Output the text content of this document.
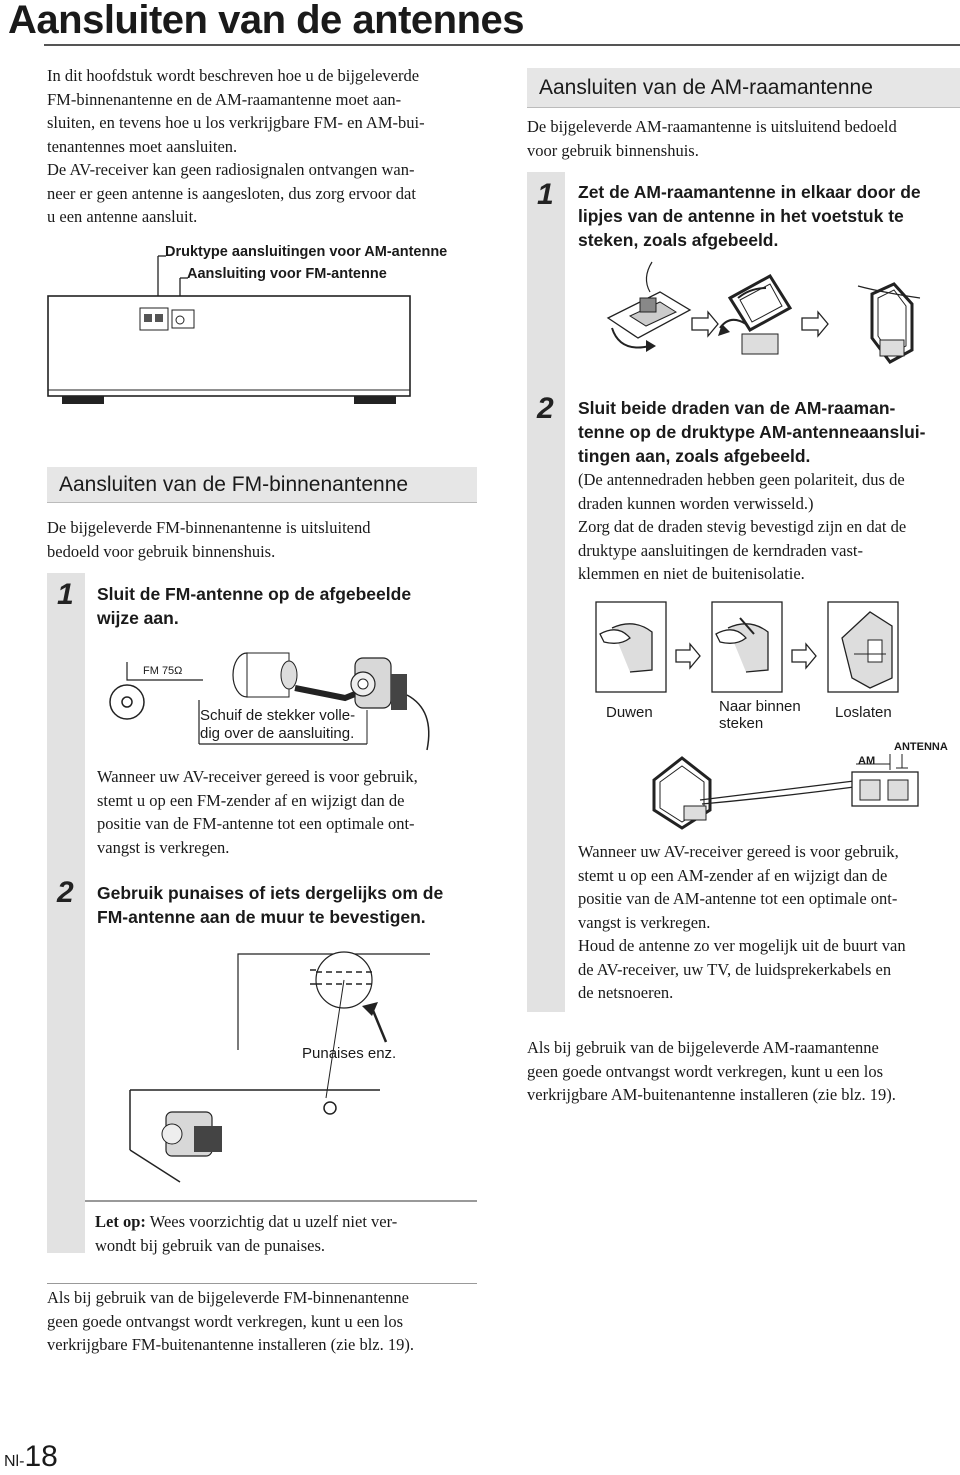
Aansluiten van de antennes
In dit hoofdstuk wordt beschreven hoe u de bijgeleverde
FM-binnenantenne en de AM-raamantenne moet aan-
sluiten, en tevens hoe u los verkrijgbare FM- en AM-bui-
tenantennes moet aansluiten.
De AV-receiver kan geen radiosignalen ontvangen wan-
neer er geen antenne is aangesloten, dus zorg ervoor dat
u een antenne aansluit.
Druktype aansluitingen voor AM-antenne
Aansluiting voor FM-antenne
Aansluiten van de FM-binnenantenne
De bijgeleverde FM-binnenantenne is uitsluitend
bedoeld voor gebruik binnenshuis.
1 Sluit de FM-antenne op de afgebeelde
wijze aan.
FM 75Ω
Schuif de stekker volle-
dig over de aansluiting.
Wanneer uw AV-receiver gereed is voor gebruik,
stemt u op een FM-zender af en wijzigt dan de
positie van de FM-antenne tot een optimale ont-
vangst is verkregen.
2 Gebruik punaises of iets dergelijks om de
FM-antenne aan de muur te bevestigen.
Punaises enz.
Let op: Wees voorzichtig dat u uzelf niet ver-
wondt bij gebruik van de punaises.
Als bij gebruik van de bijgeleverde FM-binnenantenne
geen goede ontvangst wordt verkregen, kunt u een los
verkrijgbare FM-buitenantenne installeren (zie blz. 19).
Aansluiten van de AM-raamantenne
De bijgeleverde AM-raamantenne is uitsluitend bedoeld
voor gebruik binnenshuis.
1 Zet de AM-raamantenne in elkaar door de
lipjes van de antenne in het voetstuk te
steken, zoals afgebeeld.
2 Sluit beide draden van de AM-raaman-
tenne op de druktype AM-antenneaanslui-
tingen aan, zoals afgebeeld.
(De antennedraden hebben geen polariteit, dus de
draden kunnen worden verwisseld.)
Zorg dat de draden stevig bevestigd zijn en dat de
druktype aansluitingen de kerndraden vast-
klemmen en niet de buitenisolatie.
Duwen	Naar binnen
steken
Loslaten
AM
ANTENNA
Wanneer uw AV-receiver gereed is voor gebruik,
stemt u op een AM-zender af en wijzigt dan de
positie van de AM-antenne tot een optimale ont-
vangst is verkregen.
Houd de antenne zo ver mogelijk uit de buurt van
de AV-receiver, uw TV, de luidsprekerkabels en
de netsnoeren.
Als bij gebruik van de bijgeleverde AM-raamantenne
geen goede ontvangst wordt verkregen, kunt u een los
verkrijgbare AM-buitenantenne installeren (zie blz. 19).
Nl-18
